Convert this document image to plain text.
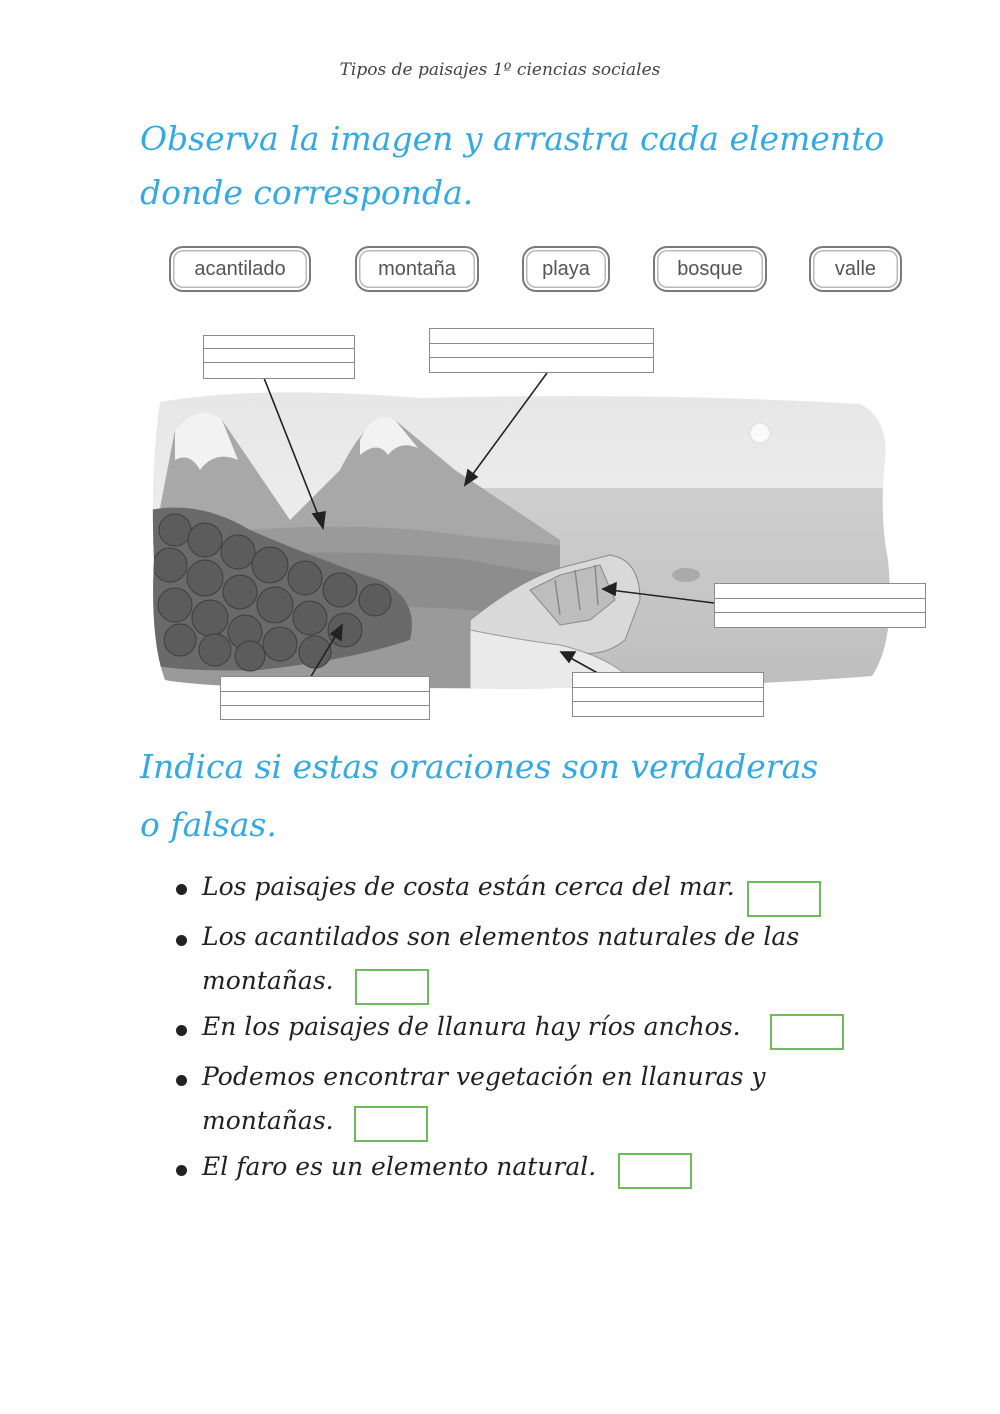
Tipos de paisajes 1º ciencias sociales
Observa la imagen y arrastra cada elemento
donde corresponda.
acantilado	montaña	playa	bosque	valle
Indica si estas oraciones son verdaderas
o falsas.
Los paisajes de costa están cerca del mar.
Los acantilados son elementos naturales de las
montañas.
En los paisajes de llanura hay ríos anchos.
Podemos encontrar vegetación en llanuras y
montañas.
El faro es un elemento natural.
